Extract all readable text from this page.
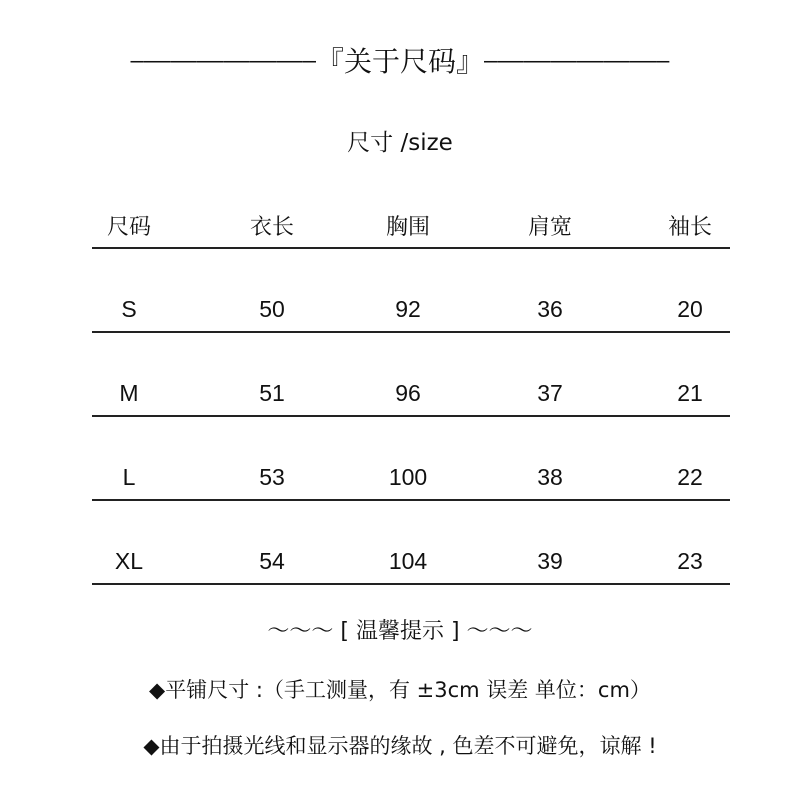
——————————————『关于尺码』——————————————
尺寸 /size
尺码	衣长	胸围	肩宽	袖长
S	50	92	36	20
M	51	96	37	21
L	53	100	38	22
XL	54	104	39	23
〜〜〜 [ 温馨提示 ] 〜〜〜
◆平铺尺寸 :（手工测量，有 ±3cm 误差 单位：cm）
◆由于拍摄光线和显示器的缘故 , 色差不可避免，谅解 !
